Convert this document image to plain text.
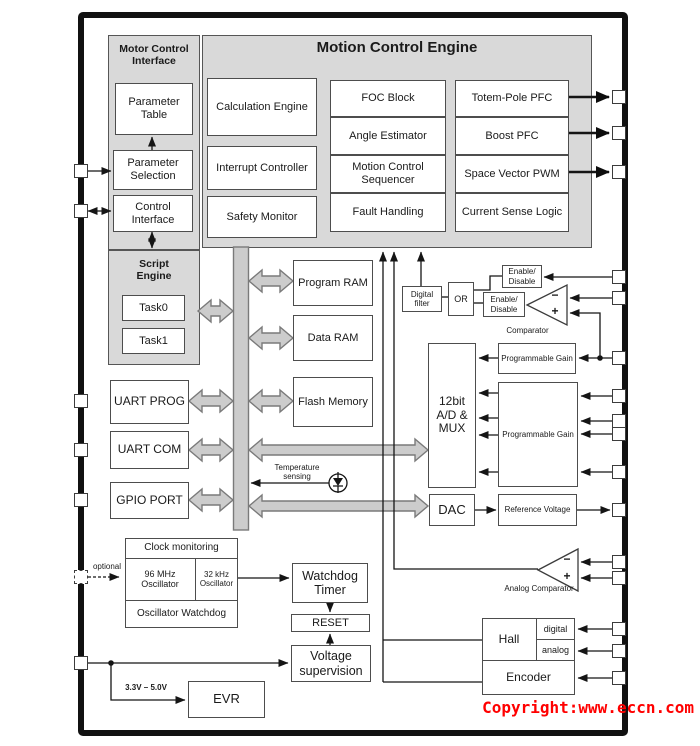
Motor Control Interface
Motion Control Engine
Script Engine
Parameter Table
Parameter Selection
Control Interface
Calculation Engine
Interrupt Controller
Safety Monitor
FOC Block
Angle Estimator
Motion Control Sequencer
Fault Handling
Totem-Pole PFC
Boost PFC
Space Vector PWM
Current Sense Logic
Task0
Task1
Program RAM
Data RAM
Flash Memory
UART PROG
UART COM
GPIO PORT
Digital filter	OR
Enable/ Disable
Enable/ Disable
Comparator
−
+
12bit A/D & MUX
Programmable Gain
Programmable Gain
DAC	Reference Voltage
Temperature sensing
−
+
Analog Comparator
Clock monitoring
96 MHz Oscillator
32 kHz Oscillator
Oscillator Watchdog
Watchdog Timer
RESET
Voltage supervision
EVR
3.3V – 5.0V
optional
digital
analog
Hall
Encoder
Copyright:www.eccn.com
